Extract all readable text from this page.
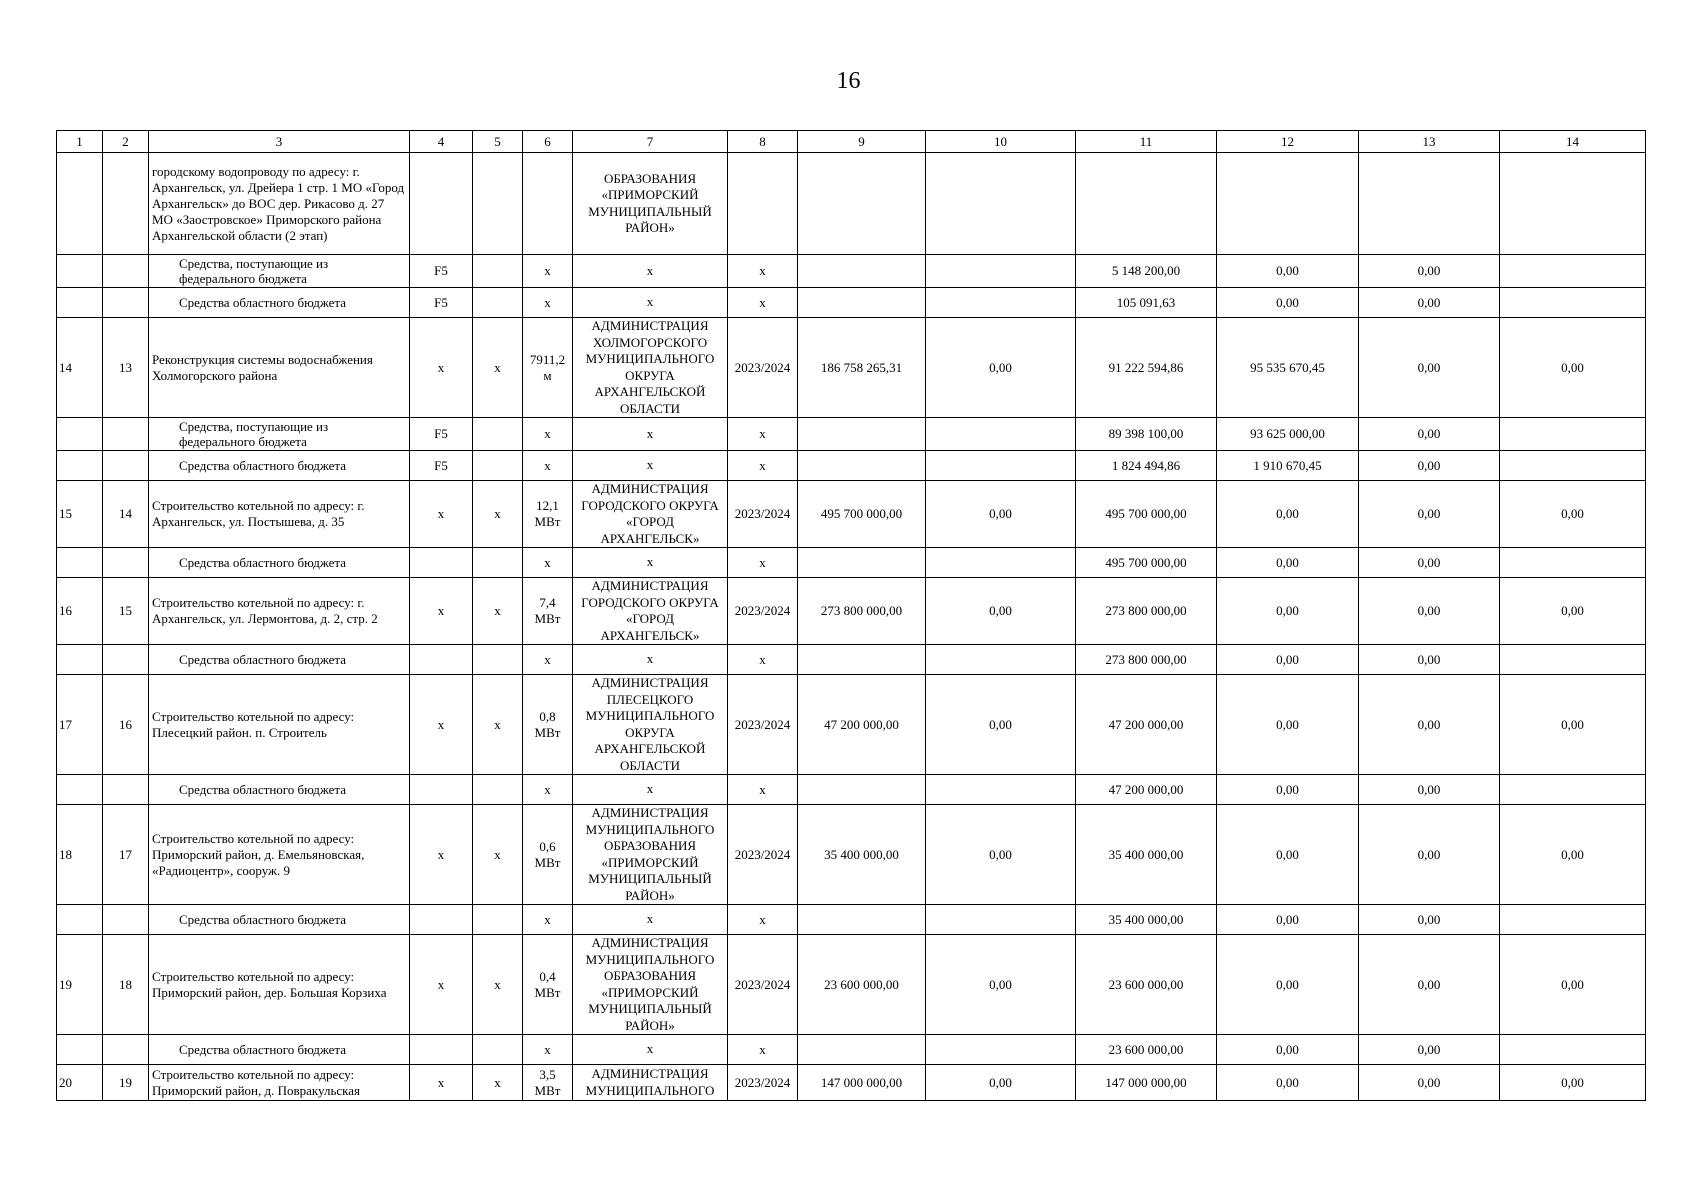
16
1	2	3	4	5	6	7	8	9	10	11	12	13	14
		городскому водопроводу по адресу: г. Архангельск, ул. Дрейера 1 стр. 1 МО «Город Архангельск» до ВОС дер. Рикасово д. 27 МО «Заостровское» Приморского района Архангельской области (2 этап)				ОБРАЗОВАНИЯ «ПРИМОРСКИЙ МУНИЦИПАЛЬНЫЙ РАЙОН»							
		Средства, поступающие из федерального бюджета	F5		х	х	х			5 148 200,00	0,00	0,00	
		Средства областного бюджета	F5		х	х	х			105 091,63	0,00	0,00	
14	13	Реконструкция системы водоснабжения Холмогорского района	х	х	7911,2 м	АДМИНИСТРАЦИЯ ХОЛМОГОРСКОГО МУНИЦИПАЛЬНОГО ОКРУГА АРХАНГЕЛЬСКОЙ ОБЛАСТИ	2023/2024	186 758 265,31	0,00	91 222 594,86	95 535 670,45	0,00	0,00
		Средства, поступающие из федерального бюджета	F5		х	х	х			89 398 100,00	93 625 000,00	0,00	
		Средства областного бюджета	F5		х	х	х			1 824 494,86	1 910 670,45	0,00	
15	14	Строительство котельной по адресу: г. Архангельск, ул. Постышева, д. 35	х	х	12,1 МВт	АДМИНИСТРАЦИЯ ГОРОДСКОГО ОКРУГА «ГОРОД АРХАНГЕЛЬСК»	2023/2024	495 700 000,00	0,00	495 700 000,00	0,00	0,00	0,00
		Средства областного бюджета			х	х	х			495 700 000,00	0,00	0,00	
16	15	Строительство котельной по адресу: г. Архангельск, ул. Лермонтова, д. 2, стр. 2	х	х	7,4 МВт	АДМИНИСТРАЦИЯ ГОРОДСКОГО ОКРУГА «ГОРОД АРХАНГЕЛЬСК»	2023/2024	273 800 000,00	0,00	273 800 000,00	0,00	0,00	0,00
		Средства областного бюджета			х	х	х			273 800 000,00	0,00	0,00	
17	16	Строительство котельной по адресу: Плесецкий район. п. Строитель	х	х	0,8 МВт	АДМИНИСТРАЦИЯ ПЛЕСЕЦКОГО МУНИЦИПАЛЬНОГО ОКРУГА АРХАНГЕЛЬСКОЙ ОБЛАСТИ	2023/2024	47 200 000,00	0,00	47 200 000,00	0,00	0,00	0,00
		Средства областного бюджета			х	х	х			47 200 000,00	0,00	0,00	
18	17	Строительство котельной по адресу: Приморский район, д. Емельяновская, «Радиоцентр», сооруж. 9	х	х	0,6 МВт	АДМИНИСТРАЦИЯ МУНИЦИПАЛЬНОГО ОБРАЗОВАНИЯ «ПРИМОРСКИЙ МУНИЦИПАЛЬНЫЙ РАЙОН»	2023/2024	35 400 000,00	0,00	35 400 000,00	0,00	0,00	0,00
		Средства областного бюджета			х	х	х			35 400 000,00	0,00	0,00	
19	18	Строительство котельной по адресу: Приморский район, дер. Большая Корзиха	х	х	0,4 МВт	АДМИНИСТРАЦИЯ МУНИЦИПАЛЬНОГО ОБРАЗОВАНИЯ «ПРИМОРСКИЙ МУНИЦИПАЛЬНЫЙ РАЙОН»	2023/2024	23 600 000,00	0,00	23 600 000,00	0,00	0,00	0,00
		Средства областного бюджета			х	х	х			23 600 000,00	0,00	0,00	
20	19	Строительство котельной по адресу: Приморский район, д. Повракульская	х	х	3,5 МВт	АДМИНИСТРАЦИЯ МУНИЦИПАЛЬНОГО	2023/2024	147 000 000,00	0,00	147 000 000,00	0,00	0,00	0,00
